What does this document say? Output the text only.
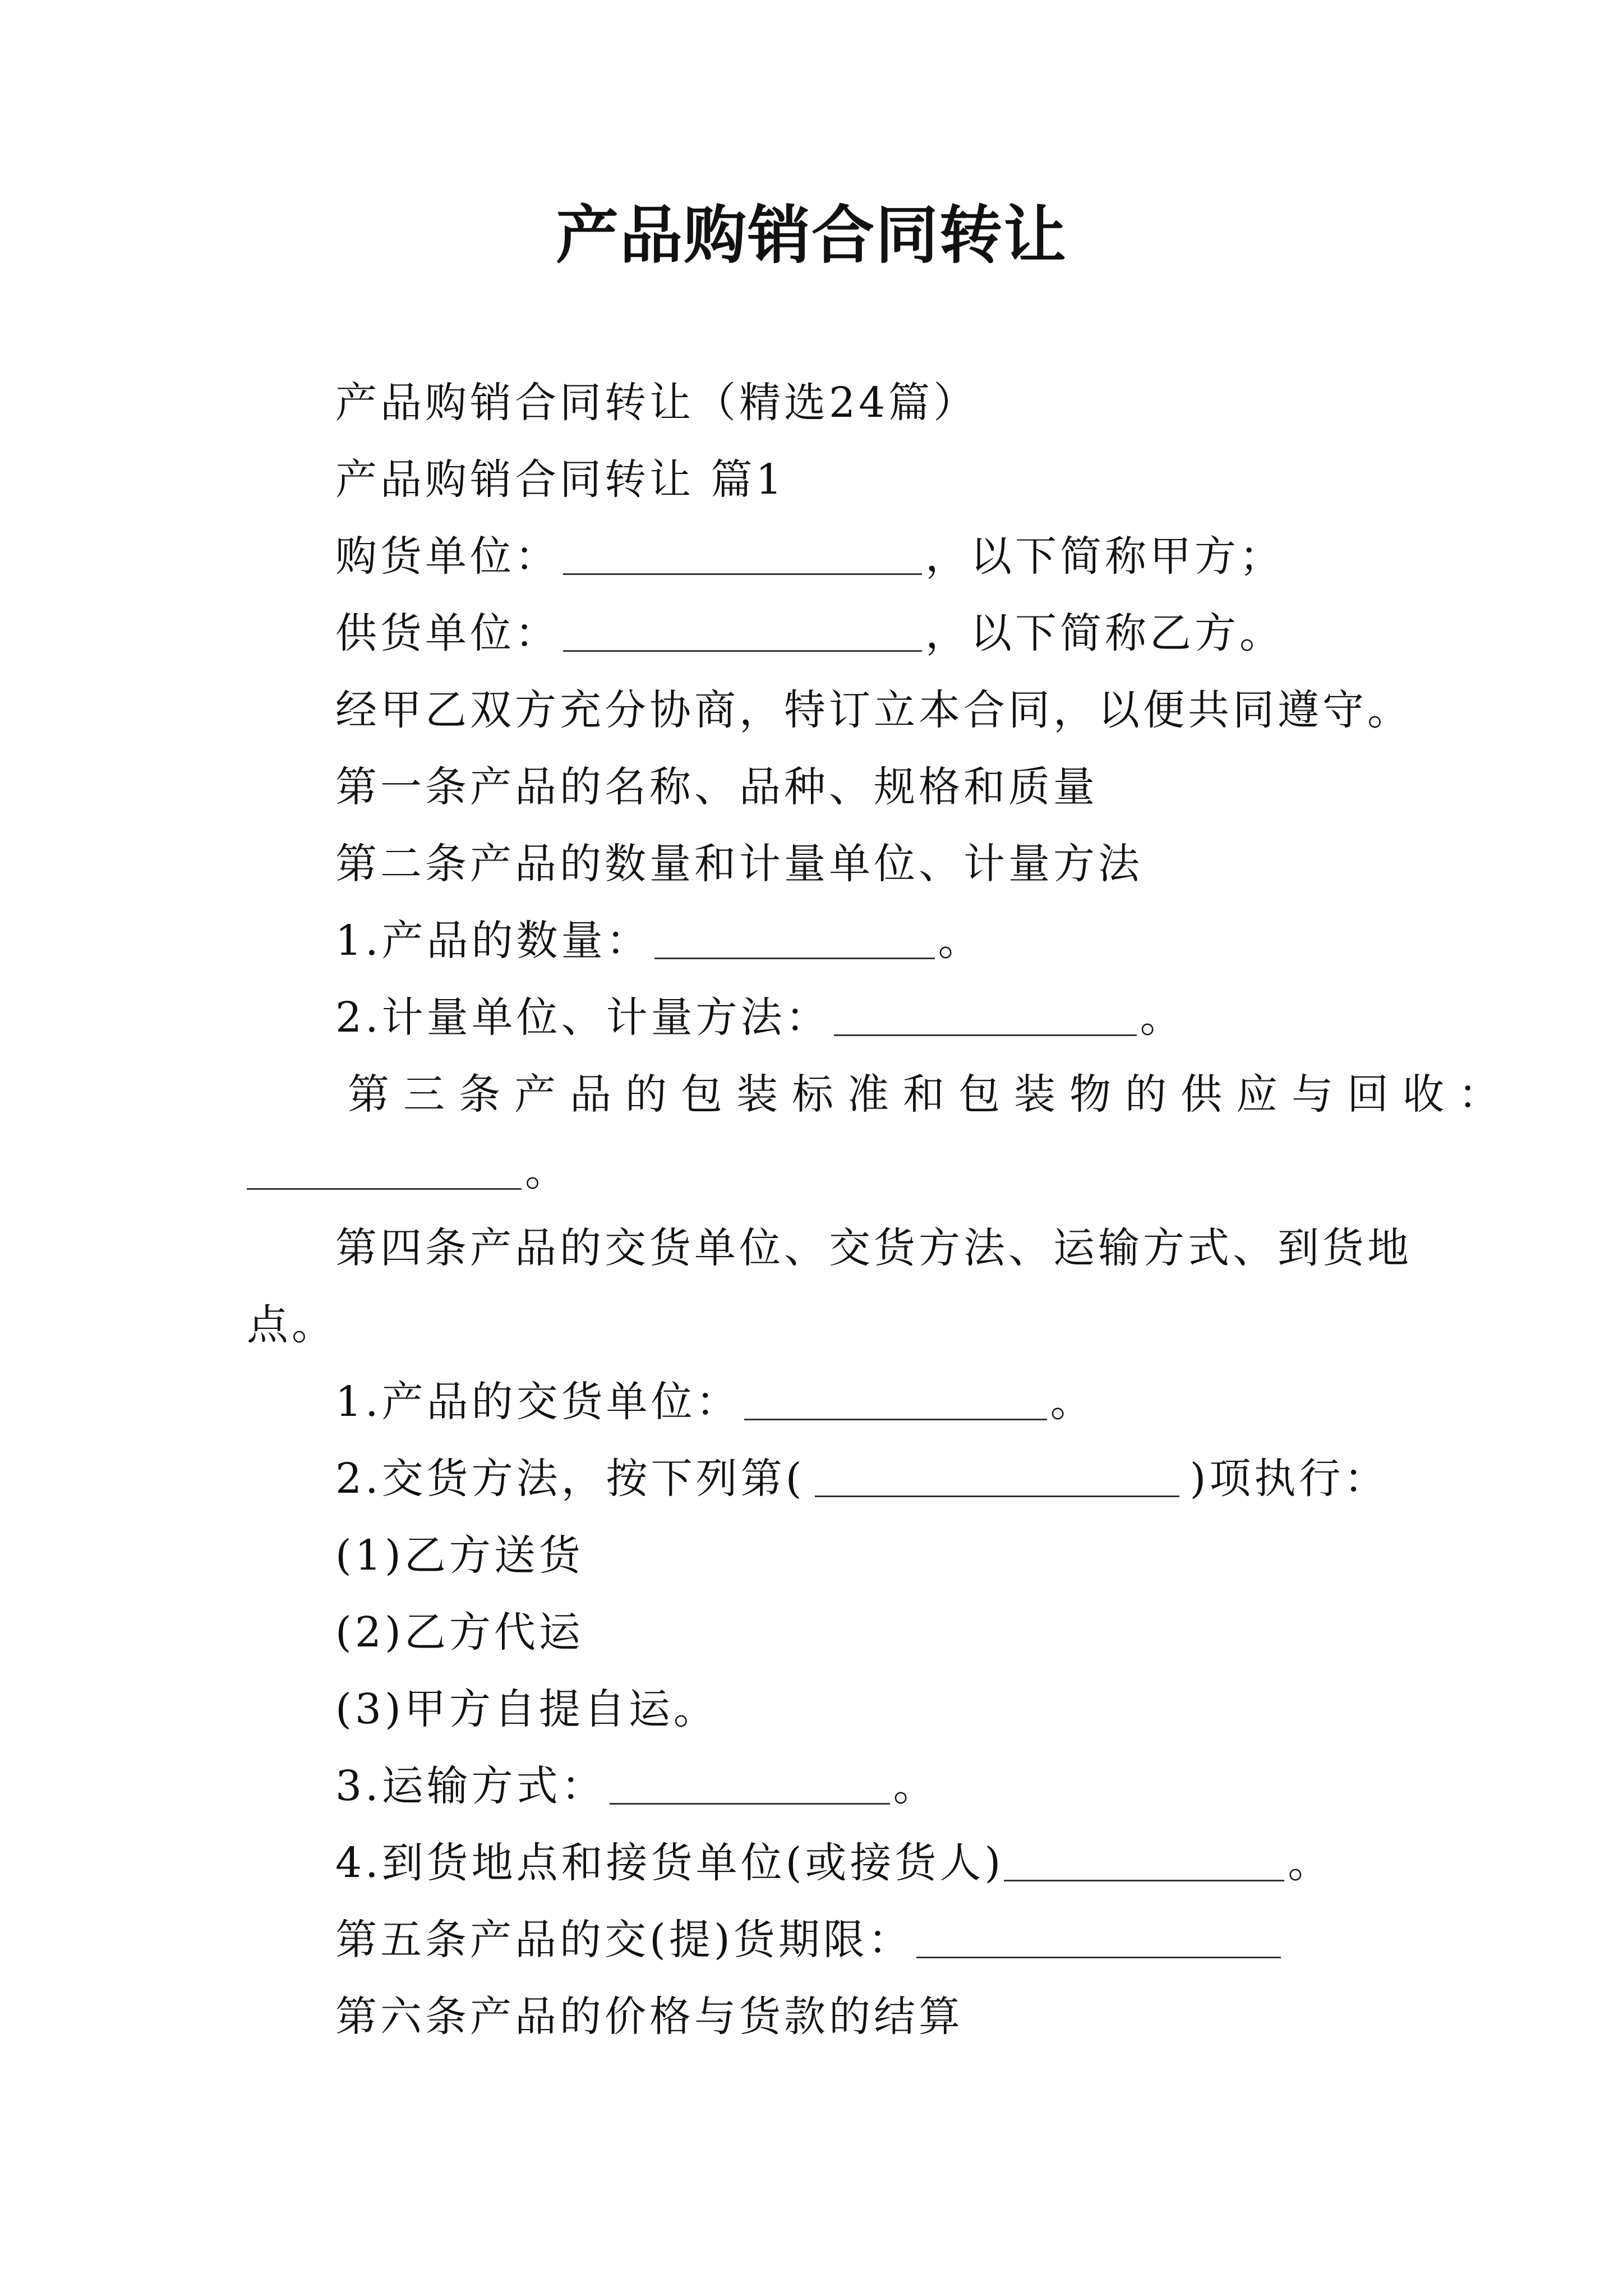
产品购销合同转让
产品购销合同转让（精选24篇）
产品购销合同转让 篇1
购货单位：	，以下简称甲方；
供货单位：	，以下简称乙方。
经甲乙双方充分协商，特订立本合同，以便共同遵守。
第一条产品的名称、品种、规格和质量
第二条产品的数量和计量单位、计量方法
1.产品的数量：	。
2.计量单位、计量方法：	。
第三条产品的包装标准和包装物的供应与回收：
。
第四条产品的交货单位、交货方法、运输方式、到货地
点。
1.产品的交货单位：	。
2.交货方法，按下列第(	)项执行：
(1)乙方送货
(2)乙方代运
(3)甲方自提自运。
3.运输方式：	。
4.到货地点和接货单位(或接货人)	。
第五条产品的交(提)货期限：
第六条产品的价格与货款的结算
